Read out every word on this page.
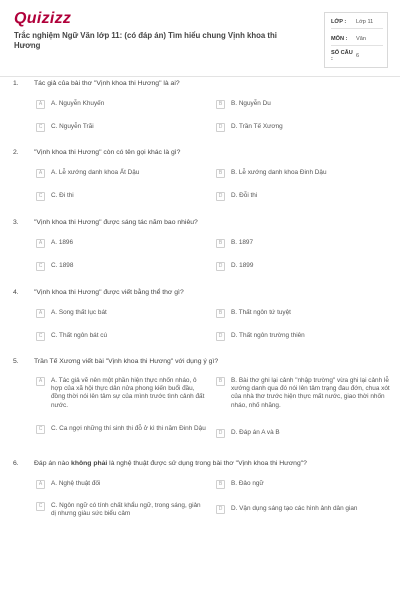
Quizizz
Trắc nghiệm Ngữ Văn lớp 11: (có đáp án) Tìm hiểu chung Vịnh khoa thi Hương
LỚP :	Lớp 11
MÔN :	Văn
SỐ CÂU :	6
1.	Tác giả của bài thơ "Vịnh khoa thi Hương" là ai?
A	A. Nguyễn Khuyến	B	B. Nguyễn Du
C	C. Nguyễn Trãi	D	D. Trần Tế Xương
2.	"Vịnh khoa thi Hương" còn có tên gọi khác là gì?
A	A. Lễ xướng danh khoa Ất Dậu	B	B. Lễ xướng danh khoa Đinh Dậu
C	C. Đi thi	D	D. Đỗi thi
3.	"Vịnh khoa thi Hương" được sáng tác năm bao nhiêu?
A	A. 1896	B	B. 1897
C	C. 1898	D	D. 1899
4.	"Vịnh khoa thi Hương" được viết bằng thể thơ gì?
A	A. Song thất lục bát	B	B. Thất ngôn tứ tuyệt
C	C. Thất ngôn bát cú	D	D. Thất ngôn trường thiên
5.	Trần Tế Xương viết bài "Vịnh khoa thi Hương" với dụng ý gì?
A	A. Tác giả vẽ nên một phần hiện thực nhốn nháo, ô hợp của xã hội thực dân nửa phong kiến buổi đầu, đồng thời nói lên tâm sự của mình trước tình cảnh đất nước.
B	B. Bài thơ ghi lại cảnh "nhập trường" vừa ghi lại cảnh lễ xướng danh qua đó nói lên tâm trạng đau đớn, chua xót của nhà thơ trước hiện thực mất nước, giao thời nhốn nháo, nhố nhăng.
C	C. Ca ngợi những thí sinh thi đỗ ở kì thi năm Đinh Dậu
D	D. Đáp án A và B
6.	Đáp án nào không phải là nghệ thuật được sử dụng trong bài thơ "Vịnh khoa thi Hương"?
A	A. Nghệ thuật đối	B	B. Đảo ngữ
C	C. Ngôn ngữ có tính chất khẩu ngữ, trong sáng, giản dị nhưng giàu sức biểu cảm
D	D. Vận dụng sáng tạo các hình ảnh dân gian
